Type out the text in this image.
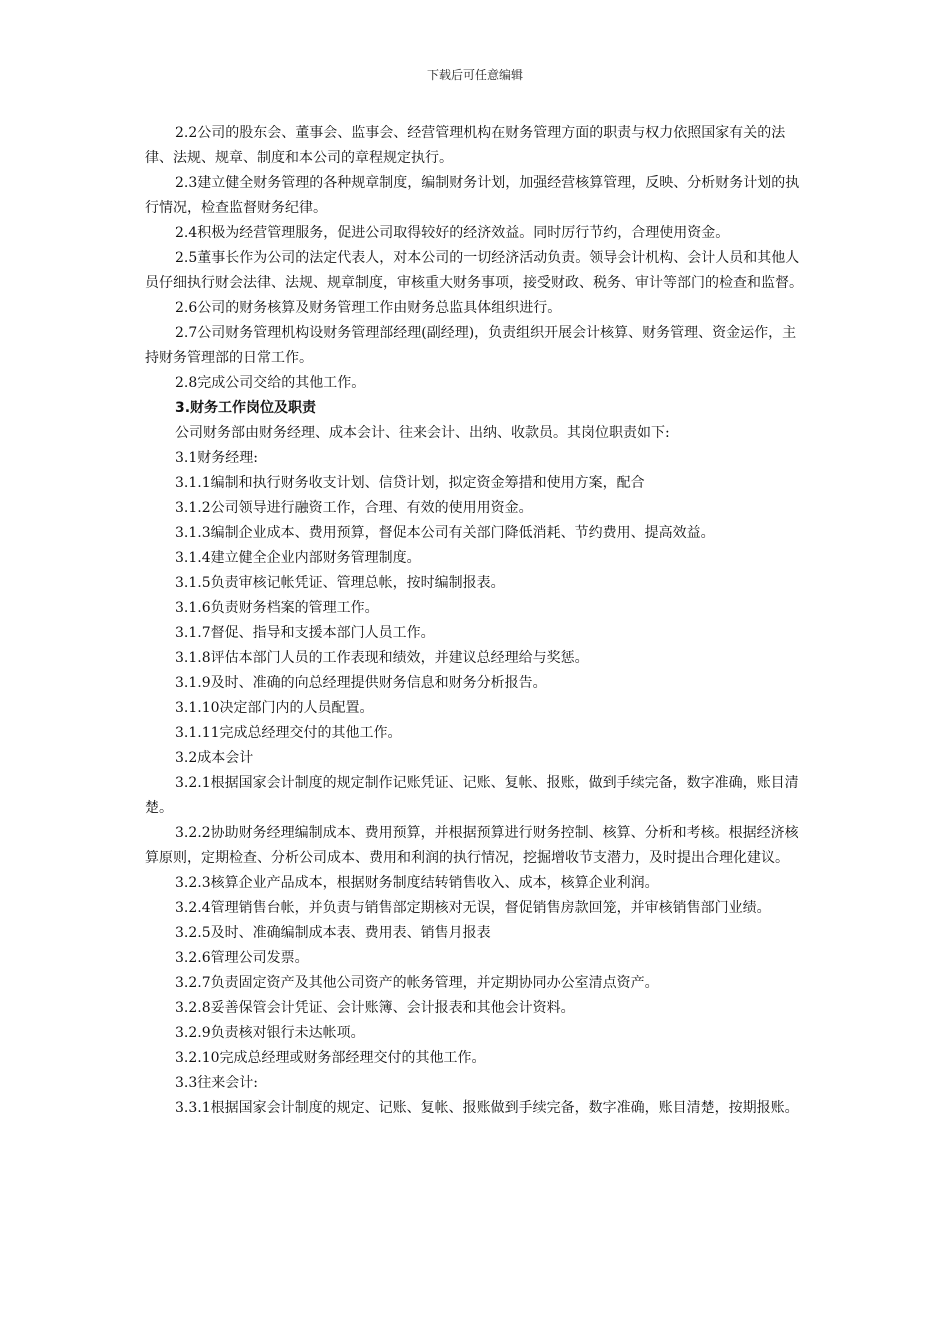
下载后可任意编辑

2.2公司的股东会、董事会、监事会、经营管理机构在财务管理方面的职责与权力依照国家有关的法律、法规、规章、制度和本公司的章程规定执行。

2.3建立健全财务管理的各种规章制度，编制财务计划，加强经营核算管理，反映、分析财务计划的执行情况，检查监督财务纪律。

2.4积极为经营管理服务，促进公司取得较好的经济效益。同时厉行节约，合理使用资金。

2.5董事长作为公司的法定代表人，对本公司的一切经济活动负责。领导会计机构、会计人员和其他人员仔细执行财会法律、法规、规章制度，审核重大财务事项，接受财政、税务、审计等部门的检查和监督。

2.6公司的财务核算及财务管理工作由财务总监具体组织进行。

2.7公司财务管理机构设财务管理部经理(副经理)，负责组织开展会计核算、财务管理、资金运作，主持财务管理部的日常工作。

2.8完成公司交给的其他工作。

3.财务工作岗位及职责

公司财务部由财务经理、成本会计、往来会计、出纳、收款员。其岗位职责如下:

3.1财务经理:

3.1.1编制和执行财务收支计划、信贷计划，拟定资金筹措和使用方案，配合

3.1.2公司领导进行融资工作，合理、有效的使用用资金。

3.1.3编制企业成本、费用预算，督促本公司有关部门降低消耗、节约费用、提高效益。

3.1.4建立健全企业内部财务管理制度。

3.1.5负责审核记帐凭证、管理总帐，按时编制报表。

3.1.6负责财务档案的管理工作。

3.1.7督促、指导和支援本部门人员工作。

3.1.8评估本部门人员的工作表现和绩效，并建议总经理给与奖惩。

3.1.9及时、准确的向总经理提供财务信息和财务分析报告。

3.1.10决定部门内的人员配置。

3.1.11完成总经理交付的其他工作。

3.2成本会计

3.2.1根据国家会计制度的规定制作记账凭证、记账、复帐、报账，做到手续完备，数字准确，账目清楚。

3.2.2协助财务经理编制成本、费用预算，并根据预算进行财务控制、核算、分析和考核。根据经济核算原则，定期检查、分析公司成本、费用和利润的执行情况，挖掘增收节支潜力，及时提出合理化建议。

3.2.3核算企业产品成本，根据财务制度结转销售收入、成本，核算企业利润。

3.2.4管理销售台帐，并负责与销售部定期核对无误，督促销售房款回笼，并审核销售部门业绩。

3.2.5及时、准确编制成本表、费用表、销售月报表

3.2.6管理公司发票。

3.2.7负责固定资产及其他公司资产的帐务管理，并定期协同办公室清点资产。

3.2.8妥善保管会计凭证、会计账簿、会计报表和其他会计资料。

3.2.9负责核对银行未达帐项。

3.2.10完成总经理或财务部经理交付的其他工作。

3.3往来会计:

3.3.1根据国家会计制度的规定、记账、复帐、报账做到手续完备，数字准确，账目清楚，按期报账。
